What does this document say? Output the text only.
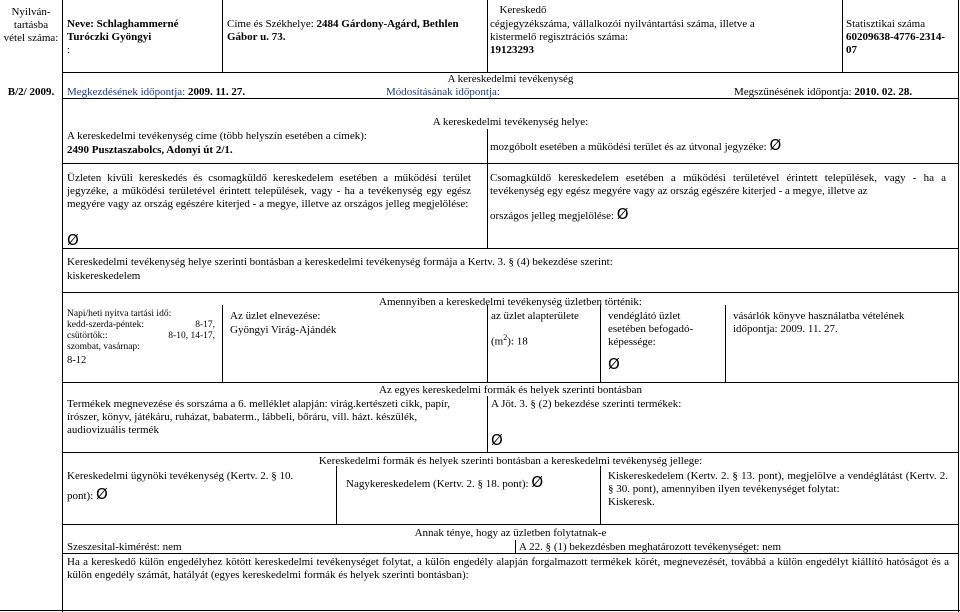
Nyilván-tartásba vétel száma:
B/2/ 2009.
Neve: Schlaghammerné Turóczki Gyöngyi
:
Címe és Székhelye: 2484 Gárdony-Agárd, Bethlen Gábor u. 73.
Kereskedő
cégjegyzékszáma, vállalkozói nyilvántartási száma, illetve a kistermelő regisztrációs száma:
19123293
Statisztikai száma
60209638-4776-2314-07
A kereskedelmi tevékenység
Megkezdésének időpontja: 2009. 11. 27.	Módosításának időpontja:	Megszűnésének időpontja: 2010. 02. 28.
A kereskedelmi tevékenység helye:
A kereskedelmi tevékenység címe (több helyszín esetében a címek):
2490 Pusztaszabolcs, Adonyi út 2/1.	mozgóbolt esetében a működési terület és az útvonal jegyzéke: Ø
Üzleten kívüli kereskedés és csomagküldő kereskedelem esetében a működési terület jegyzéke, a működési területével érintett települések, vagy - ha a tevékenység egy egész megyére vagy az ország egészére kiterjed - a megye, illetve az országos jelleg megjelölése:
Ø
Csomagküldő kereskedelem esetében a működési területével érintett települések, vagy - ha a tevékenység egy egész megyére vagy az ország egészére kiterjed - a megye, illetve az
országos jelleg megjelölése: Ø
Kereskedelmi tevékenység helye szerinti bontásban a kereskedelmi tevékenység formája a Kertv. 3. § (4) bekezdése szerint:
kiskereskedelem
Amennyiben a kereskedelmi tevékenység üzletben történik:
Napi/heti nyitva tartási idő:
kedd-szerda-péntek:	8-17,
csütörtök::	8-10, 14-17,
szombat, vasárnap:
8-12
Az üzlet elnevezése:
Gyöngyi Virág-Ajándék
az üzlet alapterülete
$(m^2)$: 18
vendéglátó üzlet esetében befogadó-képessége:
Ø
vásárlók könyve használatba vételének időpontja: 2009. 11. 27.
Az egyes kereskedelmi formák és helyek szerinti bontásban
Termékek megnevezése és sorszáma a 6. melléklet alapján: virág.kertészeti cikk, papír, írószer, könyv, játékáru, ruházat, babaterm., lábbeli, bőráru, vill. házt. készülék, audiovizuális termék
A Jöt. 3. § (2) bekezdése szerinti termékek:
Ø
Kereskedelmi formák és helyek szerinti bontásban a kereskedelmi tevékenység jellege:
Kereskedelmi ügynöki tevékenység (Kertv. 2. § 10.
pont): Ø
Nagykereskedelem (Kertv. 2. § 18. pont): Ø	Kiskereskedelem (Kertv. 2. § 13. pont), megjelölve a vendéglátást (Kertv. 2. § 30. pont), amennyiben ilyen tevékenységet folytat:
Kiskeresk.
Annak ténye, hogy az üzletben folytatnak-e
Szeszesital-kimérést: nem	A 22. § (1) bekezdésben meghatározott tevékenységet: nem
Ha a kereskedő külön engedélyhez kötött kereskedelmi tevékenységet folytat, a külön engedély alapján forgalmazott termékek körét, megnevezését, továbbá a külön engedélyt kiállító hatóságot és a külön engedély számát, hatályát (egyes kereskedelmi formák és helyek szerinti bontásban):
